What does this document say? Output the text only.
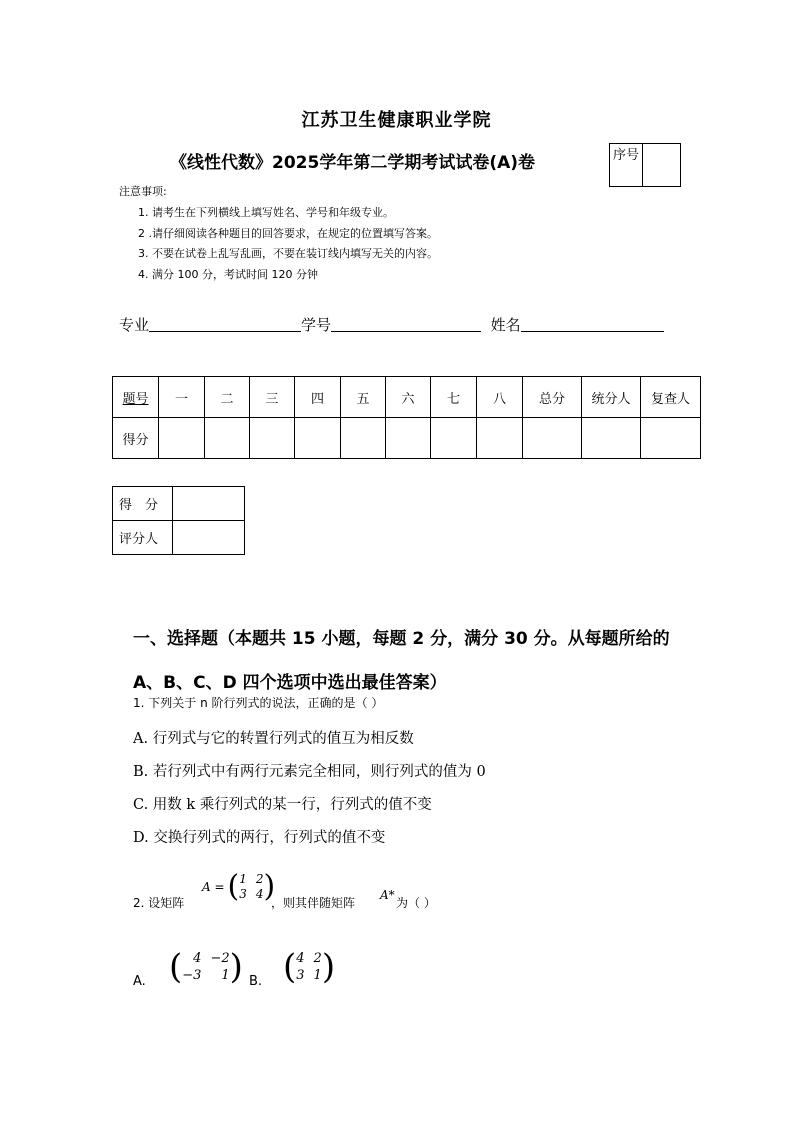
江苏卫生健康职业学院
《线性代数》2025学年第二学期考试试卷(A)卷	序号
注意事项:
1. 请考生在下列横线上填写姓名、学号和年级专业。
2 .请仔细阅读各种题目的回答要求，在规定的位置填写答案。
3. 不要在试卷上乱写乱画，不要在装订线内填写无关的内容。
4. 满分 100 分，考试时间 120 分钟
专业	学号	姓名
题号	一	二	三	四	五	六	七	八	总分	统分人	复查人
得分											
得　分	
评分人	
一、选择题（本题共 15 小题，每题 2 分，满分 30 分。从每题所给的 A、B、C、D 四个选项中选出最佳答案）
1. 下列关于 n 阶行列式的说法，正确的是（ ）
A. 行列式与它的转置行列式的值互为相反数
B. 若行列式中有两行元素完全相同，则行列式的值为 0
C. 用数 k 乘行列式的某一行，行列式的值不变
D. 交换行列式的两行，行列式的值不变
2. 设矩阵
A = ( 1 2
3 4 )
，则其伴随矩阵
A*
为（ ）
A. ( 4 −2
−3	1 ) B. ( 4 2
3 1 )
